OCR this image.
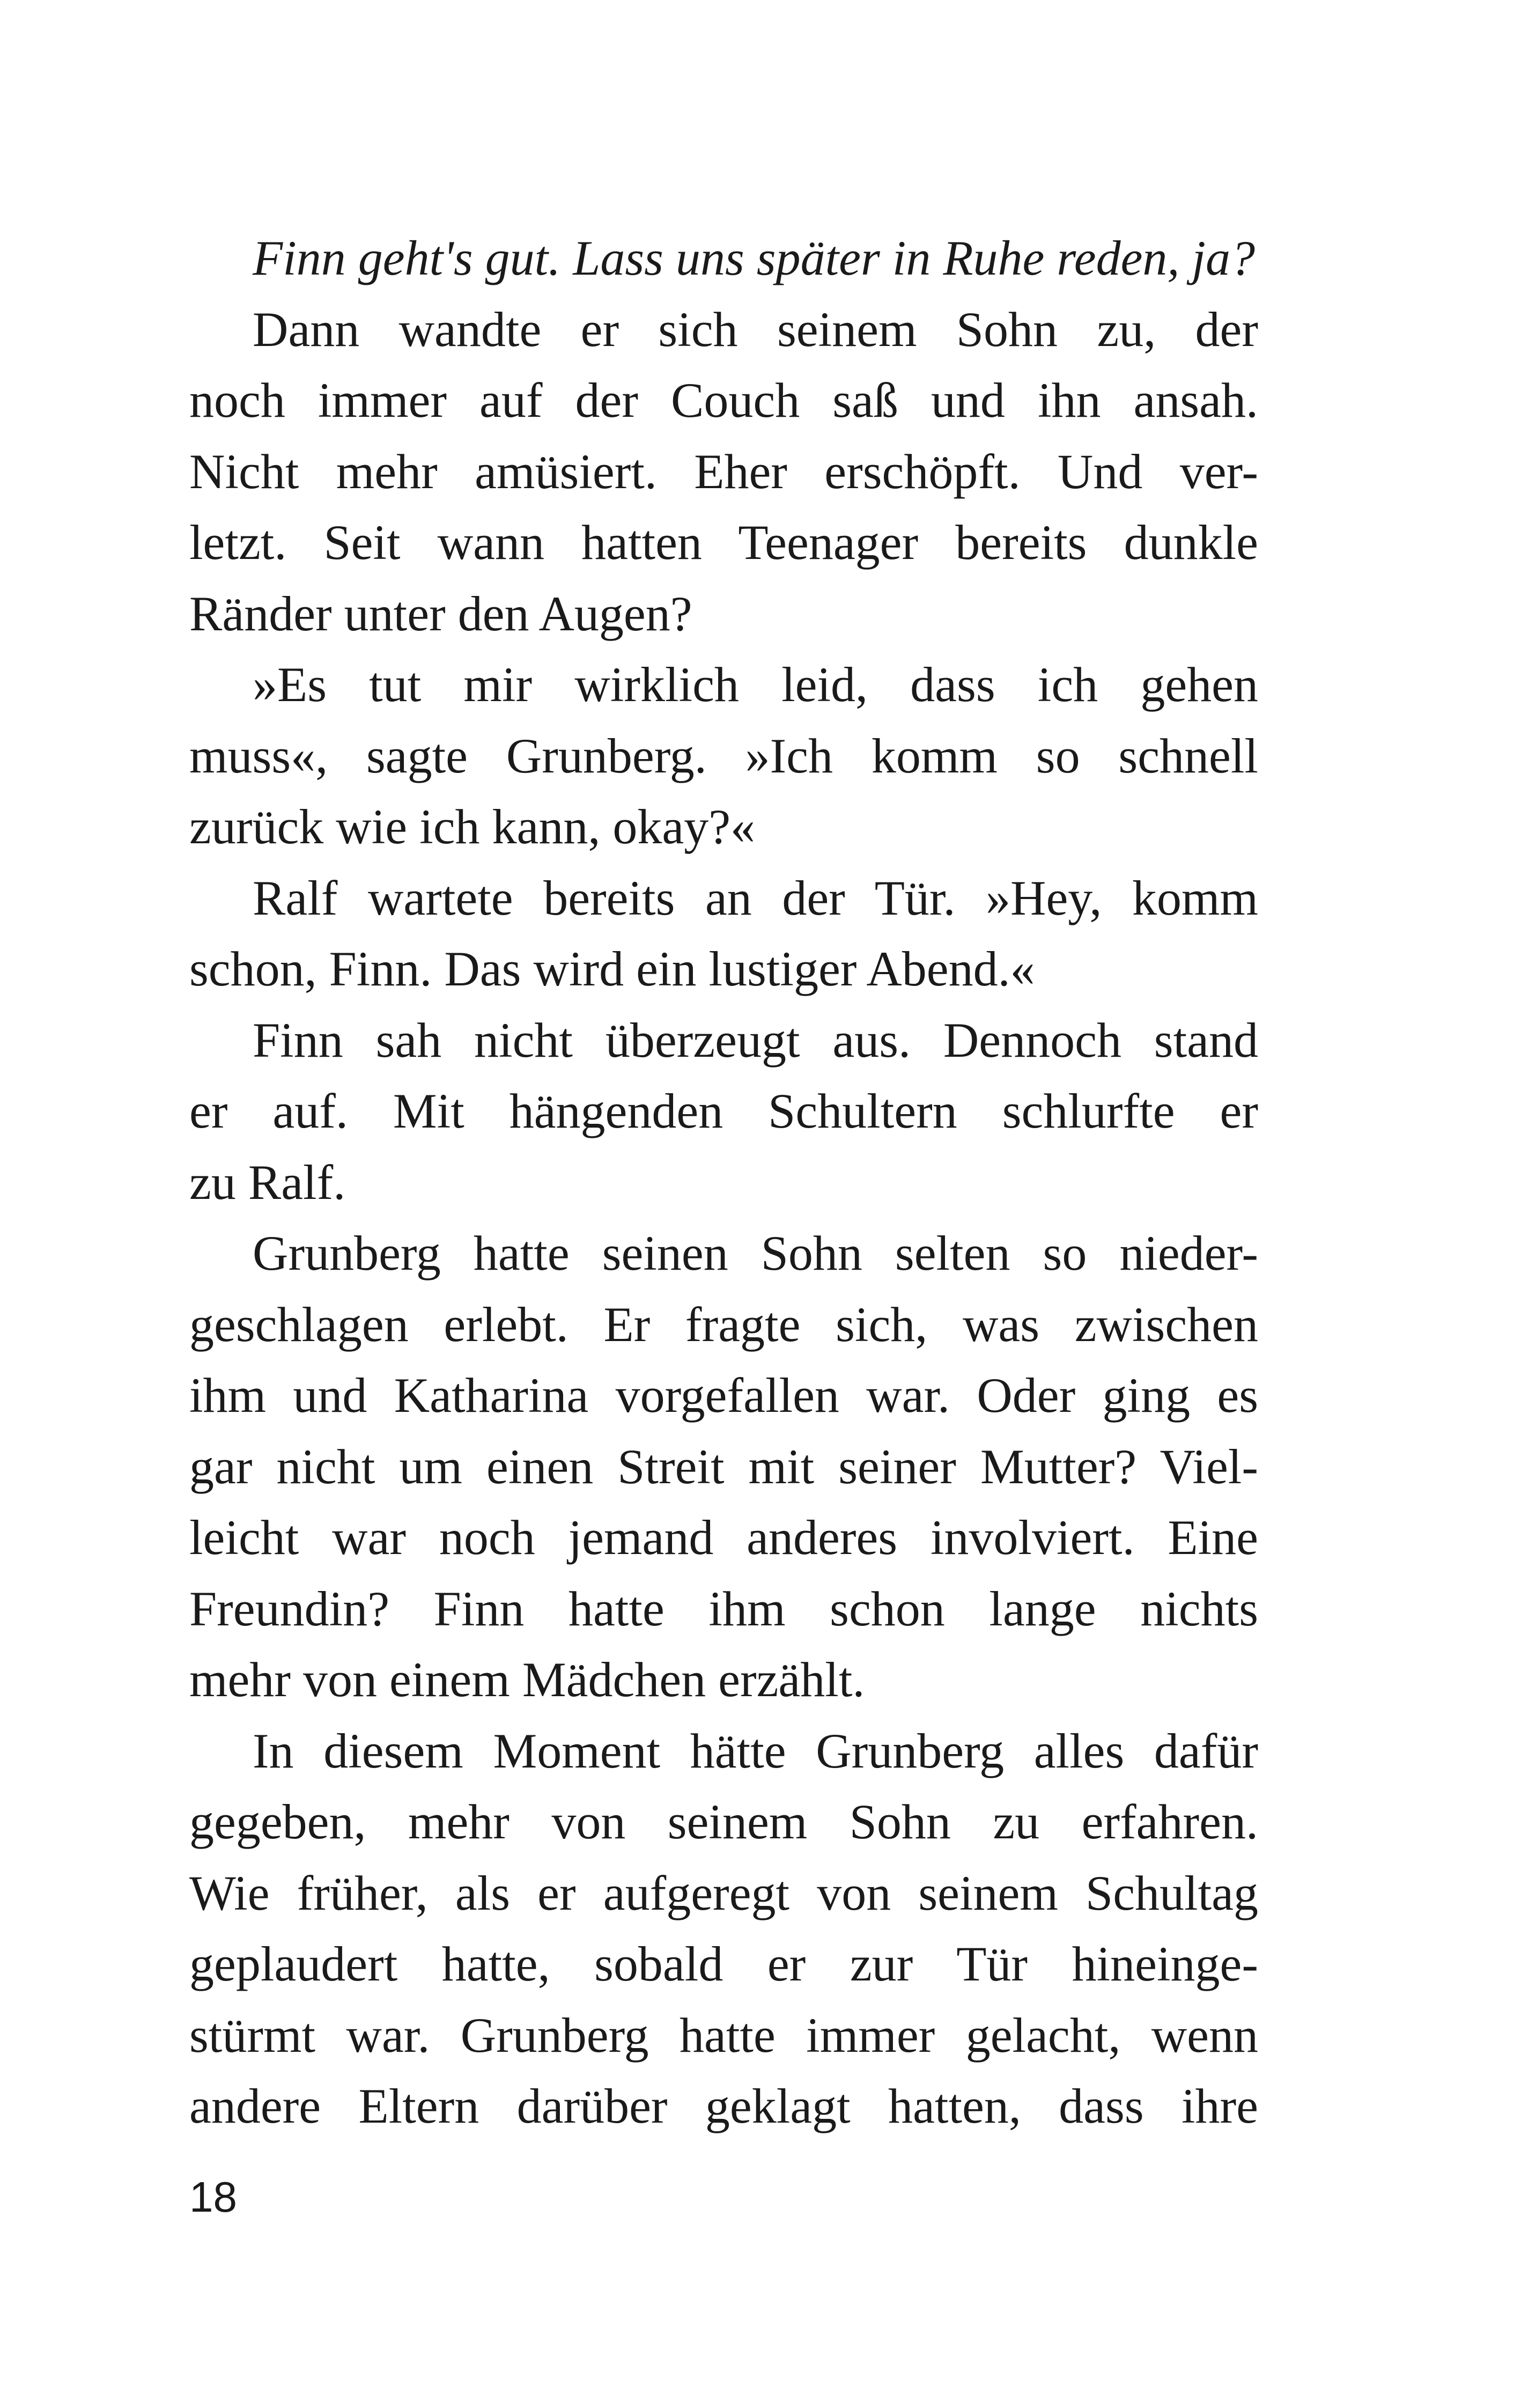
Finn geht's gut. Lass uns später in Ruhe reden, ja?
Dann wandte er sich seinem Sohn zu, der
noch immer auf der Couch saß und ihn ansah.
Nicht mehr amüsiert. Eher erschöpft. Und ver-
letzt. Seit wann hatten Teenager bereits dunkle
Ränder unter den Augen?
»Es tut mir wirklich leid, dass ich gehen
muss«, sagte Grunberg. »Ich komm so schnell
zurück wie ich kann, okay?«
Ralf wartete bereits an der Tür. »Hey, komm
schon, Finn. Das wird ein lustiger Abend.«
Finn sah nicht überzeugt aus. Dennoch stand
er auf. Mit hängenden Schultern schlurfte er
zu Ralf.
Grunberg hatte seinen Sohn selten so nieder-
geschlagen erlebt. Er fragte sich, was zwischen
ihm und Katharina vorgefallen war. Oder ging es
gar nicht um einen Streit mit seiner Mutter? Viel-
leicht war noch jemand anderes involviert. Eine
Freundin? Finn hatte ihm schon lange nichts
mehr von einem Mädchen erzählt.
In diesem Moment hätte Grunberg alles dafür
gegeben, mehr von seinem Sohn zu erfahren.
Wie früher, als er aufgeregt von seinem Schultag
geplaudert hatte, sobald er zur Tür hineinge-
stürmt war. Grunberg hatte immer gelacht, wenn
andere Eltern darüber geklagt hatten, dass ihre
18
